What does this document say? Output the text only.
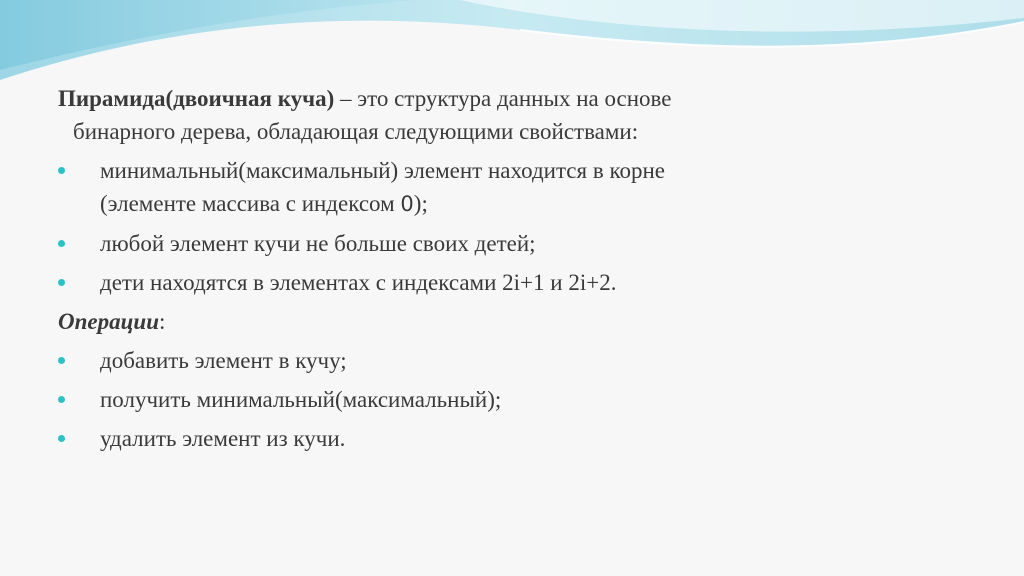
Пирамида(двоичная куча) – это структура данных на основе
бинарного дерева, обладающая следующими свойствами:

минимальный(максимальный) элемент находится в корне
(элементе массива с индексом 0);
любой элемент кучи не больше своих детей;
дети находятся в элементах с индексами 2i+1 и 2i+2.
Операции:
добавить элемент в кучу;
получить минимальный(максимальный);
удалить элемент из кучи.
